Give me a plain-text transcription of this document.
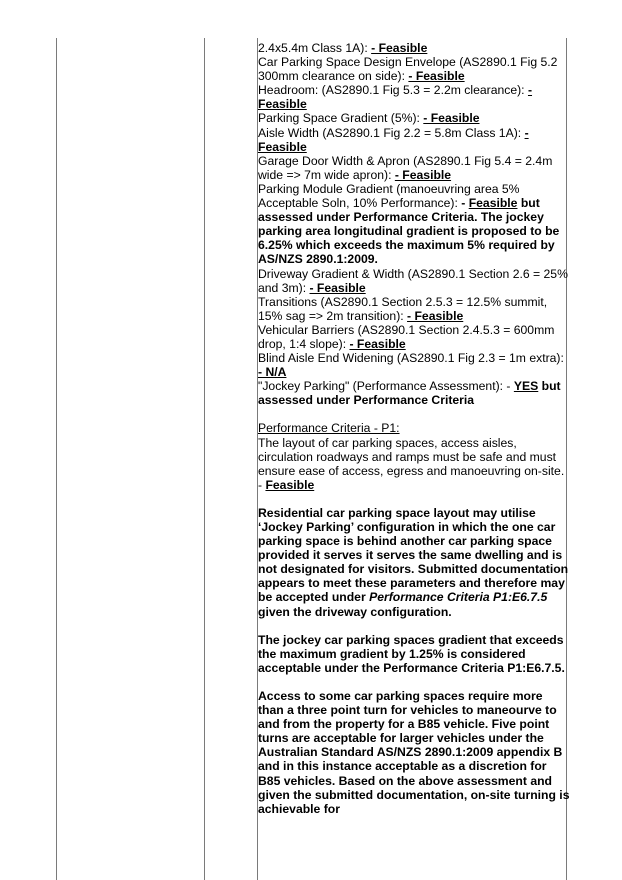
2.4x5.4m Class 1A): - Feasible

Car Parking Space Design Envelope (AS2890.1 Fig 5.2 300mm clearance on side): - Feasible

Headroom: (AS2890.1 Fig 5.3 = 2.2m clearance): - Feasible

Parking Space Gradient (5%): - Feasible

Aisle Width (AS2890.1 Fig 2.2 = 5.8m Class 1A): - Feasible

Garage Door Width & Apron (AS2890.1 Fig 5.4 = 2.4m wide => 7m wide apron): - Feasible

Parking Module Gradient (manoeuvring area 5% Acceptable Soln, 10% Performance): - Feasible but assessed under Performance Criteria. The jockey parking area longitudinal gradient is proposed to be 6.25% which exceeds the maximum 5% required by AS/NZS 2890.1:2009.

Driveway Gradient & Width (AS2890.1 Section 2.6 = 25% and 3m): - Feasible

Transitions (AS2890.1 Section 2.5.3 = 12.5% summit, 15% sag => 2m transition): - Feasible

Vehicular Barriers (AS2890.1 Section 2.4.5.3 = 600mm drop, 1:4 slope): - Feasible

Blind Aisle End Widening (AS2890.1 Fig 2.3 = 1m extra): - N/A

"Jockey Parking" (Performance Assessment): - YES but assessed under Performance Criteria

Performance Criteria - P1:

The layout of car parking spaces, access aisles, circulation roadways and ramps must be safe and must ensure ease of access, egress and manoeuvring on-site.

- Feasible

Residential car parking space layout may utilise ‘Jockey Parking’ configuration in which the one car parking space is behind another car parking space provided it serves it serves the same dwelling and is not designated for visitors. Submitted documentation appears to meet these parameters and therefore may be accepted under Performance Criteria P1:E6.7.5 given the driveway configuration.

The jockey car parking spaces gradient that exceeds the maximum gradient by 1.25% is considered acceptable under the Performance Criteria P1:E6.7.5.

Access to some car parking spaces require more than a three point turn for vehicles to maneourve to and from the property for a B85 vehicle. Five point turns are acceptable for larger vehicles under the Australian Standard AS/NZS 2890.1:2009 appendix B and in this instance acceptable as a discretion for B85 vehicles. Based on the above assessment and given the submitted documentation, on-site turning is achievable for
